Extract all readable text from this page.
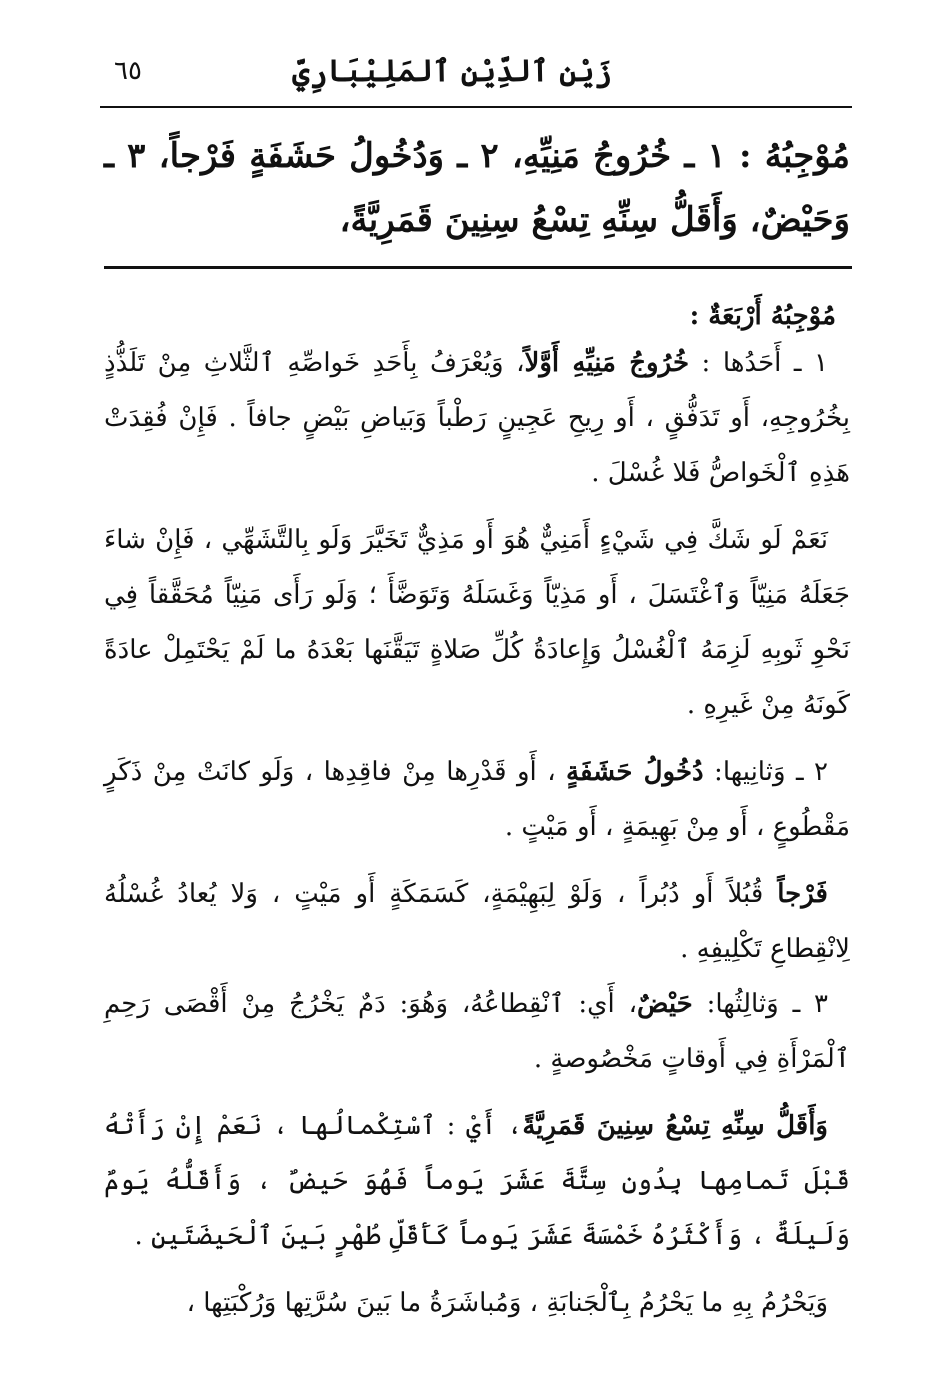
٦٥	زَيْن ٱلدِّيْنِ ٱلمَلِيْبَارِيّ
مُوْجِبُهُ : ١ ـ خُرُوجُ مَنِيِّهِ، ٢ ـ وَدُخُولُ حَشَفَةٍ فَرْجاً، ٣ ـ وَحَيْضٌ، وَأَقَلُّ سِنِّهِ تِسْعُ سِنِينَ قَمَرِيَّةً،

مُوْجِبُهُ أَرْبَعَةٌ :

١ ـ أَحَدُها : خُرُوجُ مَنِيِّهِ أَوَّلاً، وَيُعْرَفُ بِأَحَدِ خَواصِّهِ ٱلثَّلاثِ مِنْ تَلَذُّذٍ بِخُرُوجِهِ، أَو تَدَفُّقٍ ، أَو رِيحِ عَجِينٍ رَطْباً وَبَياضِ بَيْضٍ جافاً . فَإِنْ فُقِدَتْ هَذِهِ ٱلْخَواصُّ فَلا غُسْلَ .

نَعَمْ لَو شَكَّ فِي شَيْءٍ أَمَنِيٌّ هُوَ أَو مَذِيٌّ تَخَيَّرَ وَلَو بِالتَّشَهِّي ، فَإِنْ شاءَ جَعَلَهُ مَنِيّاً وَٱغْتَسَلَ ، أَو مَذِيّاً وَغَسَلَهُ وَتَوَضَّأَ ؛ وَلَو رَأَى مَنِيّاً مُحَقَّقاً فِي نَحْوِ ثَوبِهِ لَزِمَهُ ٱلْغُسْلُ وَإِعادَةُ كُلِّ صَلاةٍ تَيَقَّنَها بَعْدَهُ ما لَمْ يَحْتَمِلْ عادَةً كَونَهُ مِنْ غَيرِهِ .

٢ ـ وَثانِيها: دُخُولُ حَشَفَةٍ ، أَو قَدْرِها مِنْ فاقِدِها ، وَلَو كانَتْ مِنْ ذَكَرٍ مَقْطُوعٍ ، أَو مِنْ بَهِيمَةٍ ، أَو مَيْتٍ .

فَرْجاً قُبُلاً أَو دُبُراً ، وَلَوْ لِبَهِيْمَةٍ، كَسَمَكَةٍ أَو مَيْتٍ ، وَلا يُعادُ غُسْلُهُ لِانْقِطاعِ تَكْلِيفِهِ .

٣ ـ وَثالِثُها: حَيْضٌ، أَي: ٱنْقِطاعُهُ، وَهُوَ: دَمٌ يَخْرُجُ مِنْ أَقْصَى رَحِمِ ٱلْمَرْأَةِ فِي أَوقاتٍ مَخْصُوصةٍ .

وَأَقَلُّ سِنِّهِ تِسْعُ سِنِينَ قَمَرِيَّةً، أَيْ : ٱسْتِكْمالُها ، نَعَمْ إِنْ رَأَتْهُ قَبْلَ تَمامِها بِدُونِ سِتَّةَ عَشَرَ يَوماً فَهُوَ حَيضٌ ، وَأَقَلُّهُ يَومٌ وَلَيلَةٌ ، وَأَكْثَرُهُ خَمْسَةَ عَشَرَ يَوماً كَأَقَلِّ طُهْرٍ بَينَ ٱلْحَيضَتَينِ .

وَيَحْرُمُ بِهِ ما يَحْرُمُ بِٱلْجَنابَةِ ، وَمُباشَرَةُ ما بَينَ سُرَّتِها وَرُكْبَتِها ،
